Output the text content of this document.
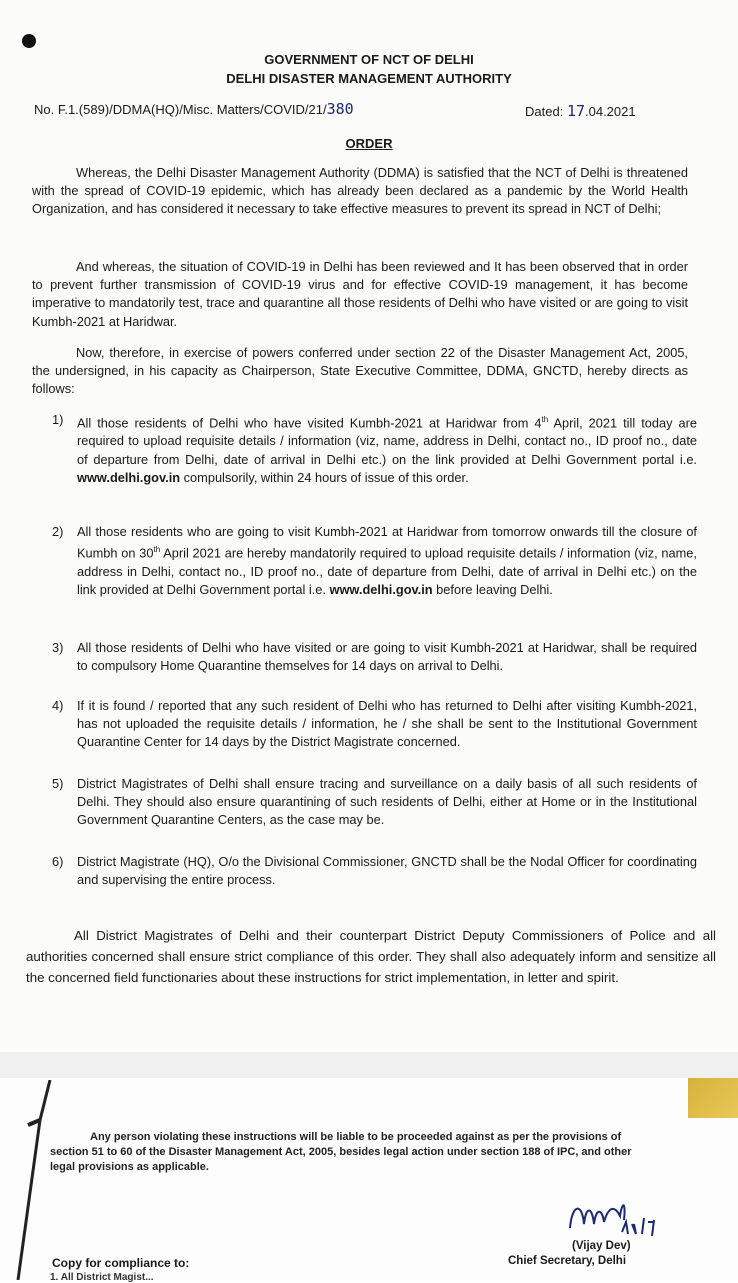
GOVERNMENT OF NCT OF DELHI
DELHI DISASTER MANAGEMENT AUTHORITY
No. F.1.(589)/DDMA(HQ)/Misc. Matters/COVID/21/380	Dated: 17.04.2021
ORDER
Whereas, the Delhi Disaster Management Authority (DDMA) is satisfied that the NCT of Delhi is threatened with the spread of COVID-19 epidemic, which has already been declared as a pandemic by the World Health Organization, and has considered it necessary to take effective measures to prevent its spread in NCT of Delhi;
And whereas, the situation of COVID-19 in Delhi has been reviewed and It has been observed that in order to prevent further transmission of COVID-19 virus and for effective COVID-19 management, it has become imperative to mandatorily test, trace and quarantine all those residents of Delhi who have visited or are going to visit Kumbh-2021 at Haridwar.
Now, therefore, in exercise of powers conferred under section 22 of the Disaster Management Act, 2005, the undersigned, in his capacity as Chairperson, State Executive Committee, DDMA, GNCTD, hereby directs as follows:
1) All those residents of Delhi who have visited Kumbh-2021 at Haridwar from 4th April, 2021 till today are required to upload requisite details / information (viz, name, address in Delhi, contact no., ID proof no., date of departure from Delhi, date of arrival in Delhi etc.) on the link provided at Delhi Government portal i.e. www.delhi.gov.in compulsorily, within 24 hours of issue of this order.
2) All those residents who are going to visit Kumbh-2021 at Haridwar from tomorrow onwards till the closure of Kumbh on 30th April 2021 are hereby mandatorily required to upload requisite details / information (viz, name, address in Delhi, contact no., ID proof no., date of departure from Delhi, date of arrival in Delhi etc.) on the link provided at Delhi Government portal i.e. www.delhi.gov.in before leaving Delhi.
3) All those residents of Delhi who have visited or are going to visit Kumbh-2021 at Haridwar, shall be required to compulsory Home Quarantine themselves for 14 days on arrival to Delhi.
4) If it is found / reported that any such resident of Delhi who has returned to Delhi after visiting Kumbh-2021, has not uploaded the requisite details / information, he / she shall be sent to the Institutional Government Quarantine Center for 14 days by the District Magistrate concerned.
5) District Magistrates of Delhi shall ensure tracing and surveillance on a daily basis of all such residents of Delhi. They should also ensure quarantining of such residents of Delhi, either at Home or in the Institutional Government Quarantine Centers, as the case may be.
6) District Magistrate (HQ), O/o the Divisional Commissioner, GNCTD shall be the Nodal Officer for coordinating and supervising the entire process.
All District Magistrates of Delhi and their counterpart District Deputy Commissioners of Police and all authorities concerned shall ensure strict compliance of this order. They shall also adequately inform and sensitize all the concerned field functionaries about these instructions for strict implementation, in letter and spirit.
Any person violating these instructions will be liable to be proceeded against as per the provisions of section 51 to 60 of the Disaster Management Act, 2005, besides legal action under section 188 of IPC, and other legal provisions as applicable.
Copy for compliance to:
(Vijay Dev)
Chief Secretary, Delhi
1. All District Magist...
